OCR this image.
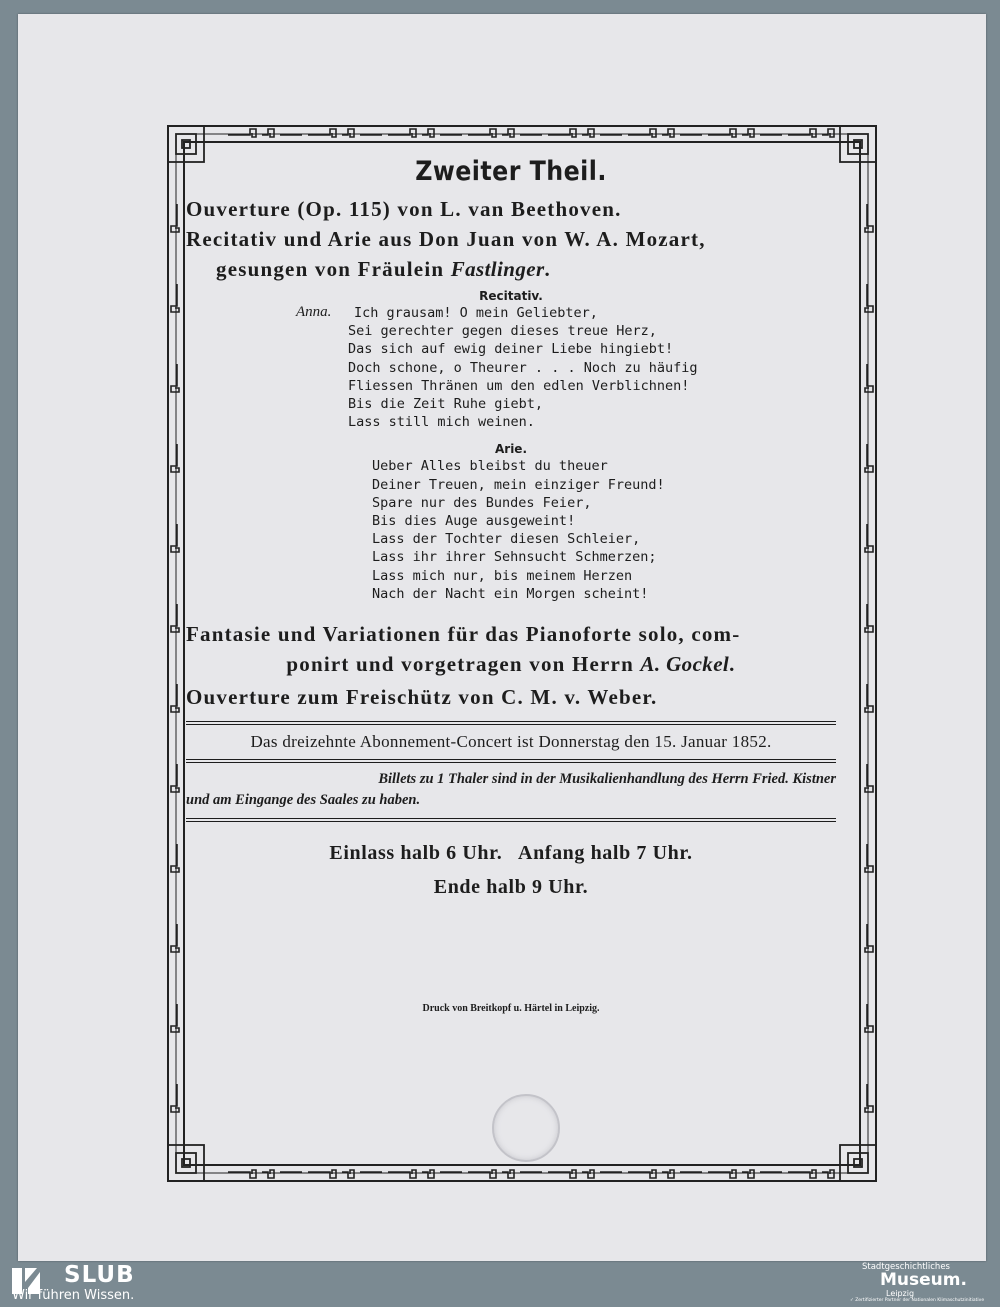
Zweiter Theil.

Ouverture (Op. 115) von L. van Beethoven.

Recitativ und Arie aus Don Juan von W. A. Mozart,

gesungen von Fräulein Fastlinger.

Recitativ.

Anna.	Ich grausam! O mein Geliebter,
Sei gerechter gegen dieses treue Herz,
Das sich auf ewig deiner Liebe hingiebt!
Doch schone, o Theurer . . . Noch zu häufig
Fliessen Thränen um den edlen Verblichnen!
Bis die Zeit Ruhe giebt,
Lass still mich weinen.

Arie.

Ueber Alles bleibst du theuer
Deiner Treuen, mein einziger Freund!
Spare nur des Bundes Feier,
Bis dies Auge ausgeweint!
Lass der Tochter diesen Schleier,
Lass ihr ihrer Sehnsucht Schmerzen;
Lass mich nur, bis meinem Herzen
Nach der Nacht ein Morgen scheint!

Fantasie und Variationen für das Pianoforte solo, com-

ponirt und vorgetragen von Herrn A. Gockel.

Ouverture zum Freischütz von C. M. v. Weber.

Das dreizehnte Abonnement-Concert ist Donnerstag den 15. Januar 1852.

Billets zu 1 Thaler sind in der Musikalienhandlung des Herrn Fried. Kistner
und am Eingange des Saales zu haben.

Einlass halb 6 Uhr.   Anfang halb 7 Uhr.

Ende halb 9 Uhr.

Druck von Breitkopf u. Härtel in Leipzig.
SLUB
Wir führen Wissen.
Stadtgeschichtliches
Museum.
Leipzig
✓ Zertifizierter Partner der Nationalen Klimaschutzinitiative
